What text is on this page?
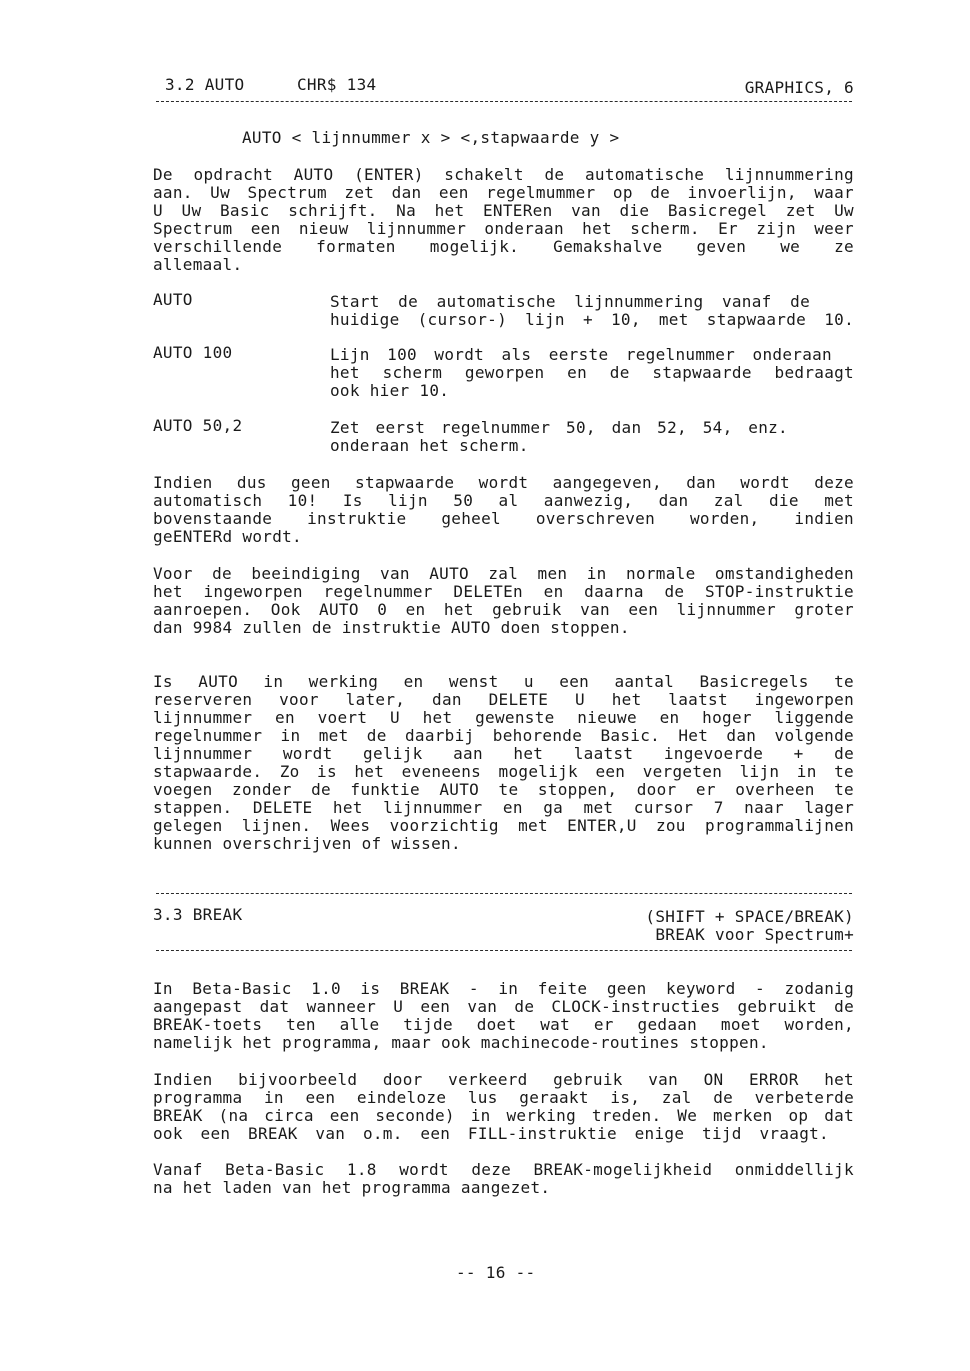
3.2 AUTO	CHR$ 134	GRAPHICS, 6
AUTO < lijnnummer x > <,stapwaarde y >
De opdracht AUTO (ENTER) schakelt de automatische lijnnummering
aan. Uw Spectrum zet dan een regelmummer op de invoerlijn, waar
U Uw Basic schrijft. Na het ENTERen van die Basicregel zet Uw
Spectrum een nieuw lijnnummer onderaan het scherm. Er zijn weer
verschillende formaten mogelijk. Gemakshalve geven we ze
allemaal.
AUTO	Start de automatische lijnnummering vanaf de
huidige (cursor-) lijn + 10, met stapwaarde 10.
AUTO 100	Lijn 100 wordt als eerste regelnummer onderaan
het scherm geworpen en de stapwaarde bedraagt
ook hier 10.
AUTO 50,2	Zet eerst regelnummer 50, dan 52, 54, enz.
onderaan het scherm.
Indien dus geen stapwaarde wordt aangegeven, dan wordt deze
automatisch 10! Is lijn 50 al aanwezig, dan zal die met
bovenstaande instruktie geheel overschreven worden, indien
geENTERd wordt.
Voor de beeindiging van AUTO zal men in normale omstandigheden
het ingeworpen regelnummer DELETEn en daarna de STOP-instruktie
aanroepen. Ook AUTO 0 en het gebruik van een lijnnummer groter
dan 9984 zullen de instruktie AUTO doen stoppen.
Is AUTO in werking en wenst u een aantal Basicregels te
reserveren voor later, dan DELETE U het laatst ingeworpen
lijnnummer en voert U het gewenste nieuwe en hoger liggende
regelnummer in met de daarbij behorende Basic. Het dan volgende
lijnnummer wordt gelijk aan het laatst ingevoerde + de
stapwaarde. Zo is het eveneens mogelijk een vergeten lijn in te
voegen zonder de funktie AUTO te stoppen, door er overheen te
stappen. DELETE het lijnnummer en ga met cursor 7 naar lager
gelegen lijnen. Wees voorzichtig met ENTER,U zou programmalijnen
kunnen overschrijven of wissen.
3.3 BREAK	(SHIFT + SPACE/BREAK)
BREAK voor Spectrum+
In Beta-Basic 1.0 is BREAK - in feite geen keyword - zodanig
aangepast dat wanneer U een van de CLOCK-instructies gebruikt de
BREAK-toets ten alle tijde doet wat er gedaan moet worden,
namelijk het programma, maar ook machinecode-routines stoppen.
Indien bijvoorbeeld door verkeerd gebruik van ON ERROR het
programma in een eindeloze lus geraakt is, zal de verbeterde
BREAK (na circa een seconde) in werking treden. We merken op dat
ook een BREAK van o.m. een FILL-instruktie enige tijd vraagt.
Vanaf Beta-Basic 1.8 wordt deze BREAK-mogelijkheid onmiddellijk
na het laden van het programma aangezet.
-- 16 --
